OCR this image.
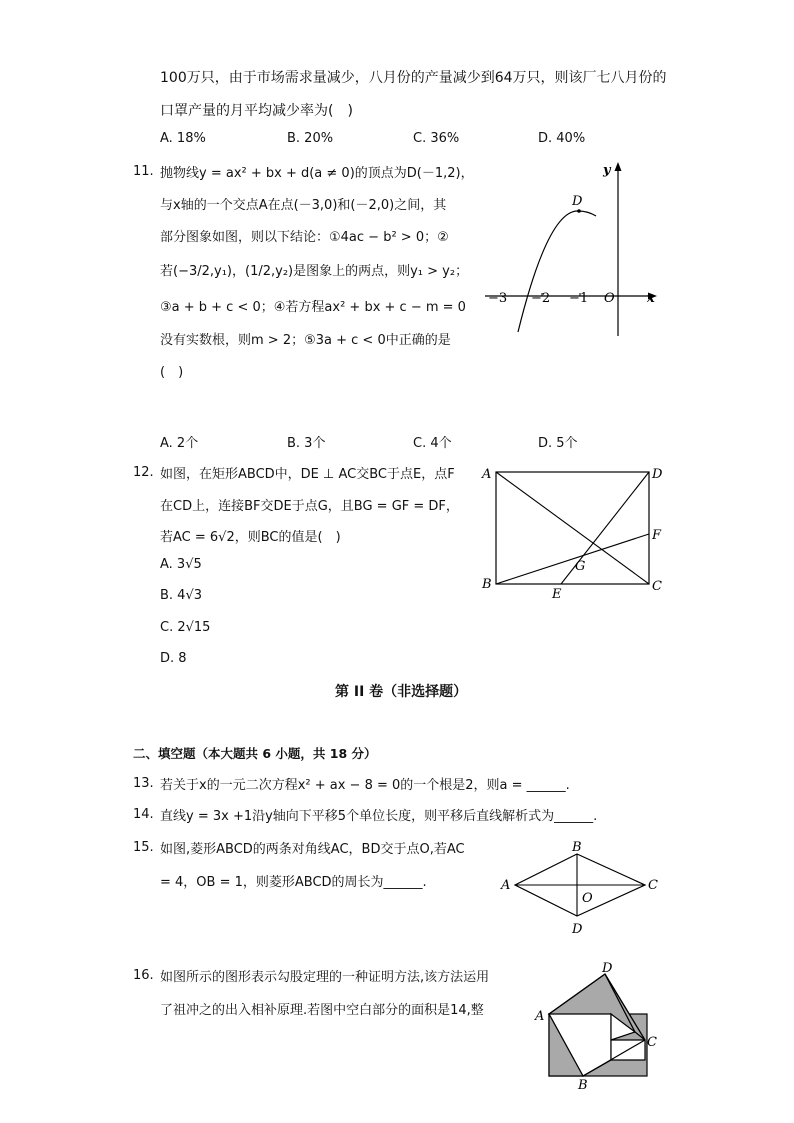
100万只，由于市场需求量减少，八月份的产量减少到64万只，则该厂七八月份的
口罩产量的月平均减少率为(　)
A. 18%	B. 20%	C. 36%	D. 40%
11. 抛物线y = ax² + bx + d(a ≠ 0)的顶点为D(－1,2)，
与x轴的一个交点A在点(－3,0)和(－2,0)之间，其
部分图象如图，则以下结论：①4ac − b² > 0；②
若(−3/2,y₁)，(1/2,y₂)是图象上的两点，则y₁ > y₂；
③a + b + c < 0；④若方程ax² + bx + c − m = 0
没有实数根，则m > 2；⑤3a + c < 0中正确的是
(　)
y
x
O
−3 −2 −1
D
A. 2个	B. 3个	C. 4个	D. 5个
12. 如图，在矩形ABCD中，DE ⊥ AC交BC于点E，点F
在CD上，连接BF交DE于点G，且BG = GF = DF，
若AC = 6√2，则BC的值是(　)
A. 3√5
B. 4√3
C. 2√15
D. 8
A	D
F
G
B
E
C
第 II 卷（非选择题）
二、填空题（本大题共 6 小题，共 18 分）
13. 若关于x的一元二次方程x² + ax − 8 = 0的一个根是2，则a = ______.
14. 直线y = 3x +1沿y轴向下平移5个单位长度，则平移后直线解析式为______.
15. 如图,菱形ABCD的两条对角线AC，BD交于点O,若AC
= 4，OB = 1，则菱形ABCD的周长为______.
B
A
O
C
D
16. 如图所示的图形表示勾股定理的一种证明方法,该方法运用
了祖冲之的出入相补原理.若图中空白部分的面积是14,整
D
A
C
B
